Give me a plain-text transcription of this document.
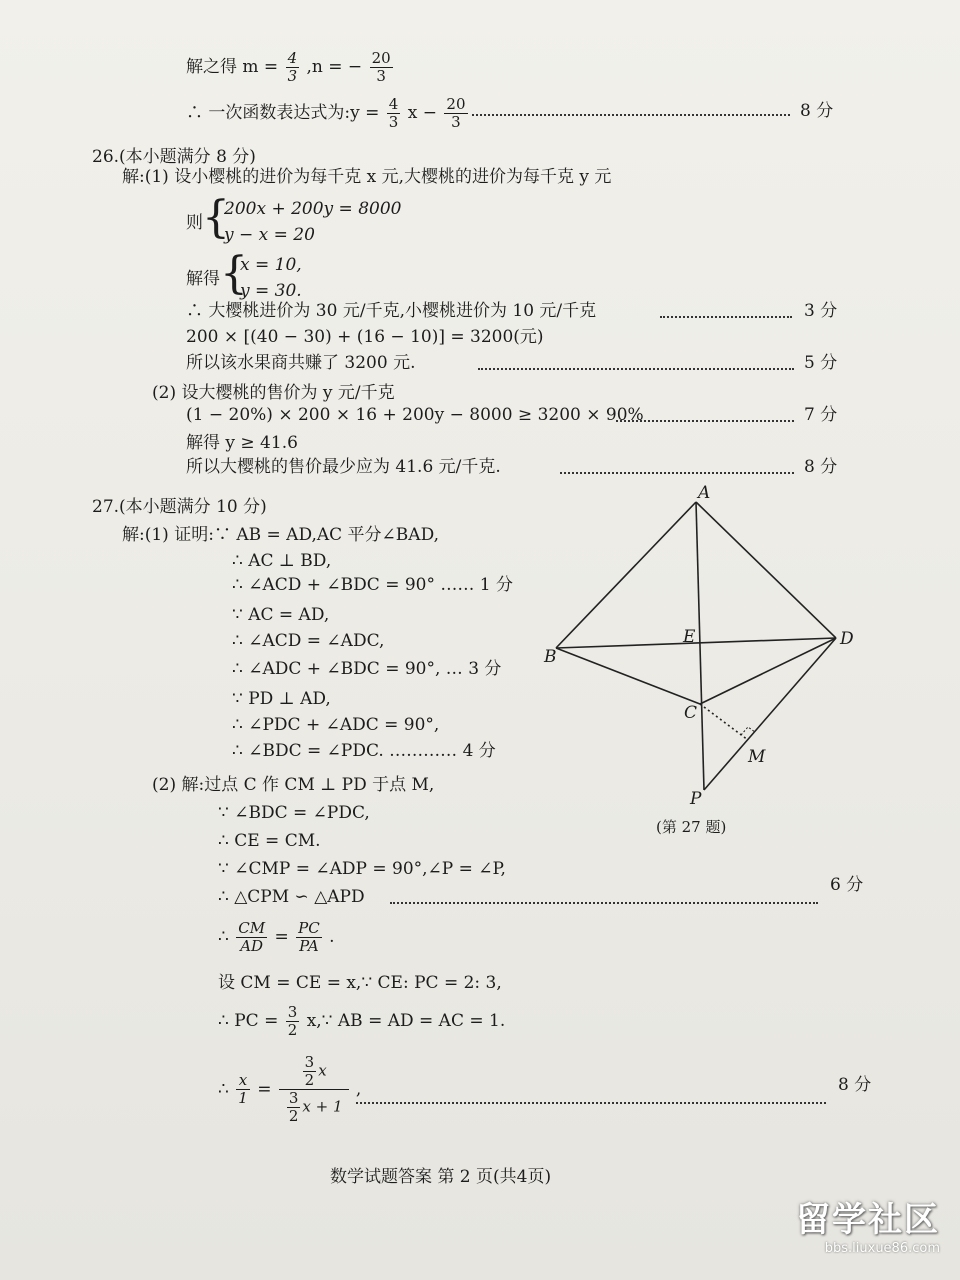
解之得 $m = \frac{4}{3} ,n$ = − $\frac{20}{3}$
∴ 一次函数表达式为:y = $\frac{4}{3}$ $x - \frac{20}{3}$	8 分
26.(本小题满分 8 分)
解:(1) 设小樱桃的进价为每千克 x 元,大樱桃的进价为每千克 y 元
则 {
200x + 200y = 8000
y − x = 20
解得 {
x = 10,
y = 30.
∴ 大樱桃进价为 30 元/千克,小樱桃进价为 10 元/千克	3 分
200 × [(40 − 30) + (16 − 10)] = 3200(元)
所以该水果商共赚了 3200 元.	5 分
(2) 设大樱桃的售价为 y 元/千克
(1 − 20%) × 200 × 16 + 200y − 8000 ≥ 3200 × 90%	7 分
解得 y ≥ 41.6
所以大樱桃的售价最少应为 41.6 元/千克.	8 分
27.(本小题满分 10 分)
解:(1) 证明:∵ AB = AD,AC 平分∠BAD,
∴ AC ⊥ BD,
∴ ∠ACD + ∠BDC = 90° …… 1 分
∵ AC = AD,
∴ ∠ACD = ∠ADC,
∴ ∠ADC + ∠BDC = 90°, … 3 分
∵ PD ⊥ AD,
∴ ∠PDC + ∠ADC = 90°,
∴ ∠BDC = ∠PDC. ………… 4 分
(2) 解:过点 C 作 CM ⊥ PD 于点 M,
∵ ∠BDC = ∠PDC,
∴ CE = CM.
∵ ∠CMP = ∠ADP = 90°,∠P = ∠P,
∴ △CPM ∽ △APD
6 分
∴ $\frac{CM}{AD} = \frac{PC}{PA}$ .
设 CM = CE = x,∵ CE: PC = 2: 3,
∴ PC = $\frac{3}{2}$ x,∵ AB = AD = AC = 1.
∴ $\frac{x}{1} = \frac{\frac{3}{2} x}{\frac{3}{2} x + 1}$ ,	8 分
A
B
C
D
E
M
P
(第 27 题)
数学试题答案 第 2 页(共4页)
留学社区
bbs.liuxue86.com
